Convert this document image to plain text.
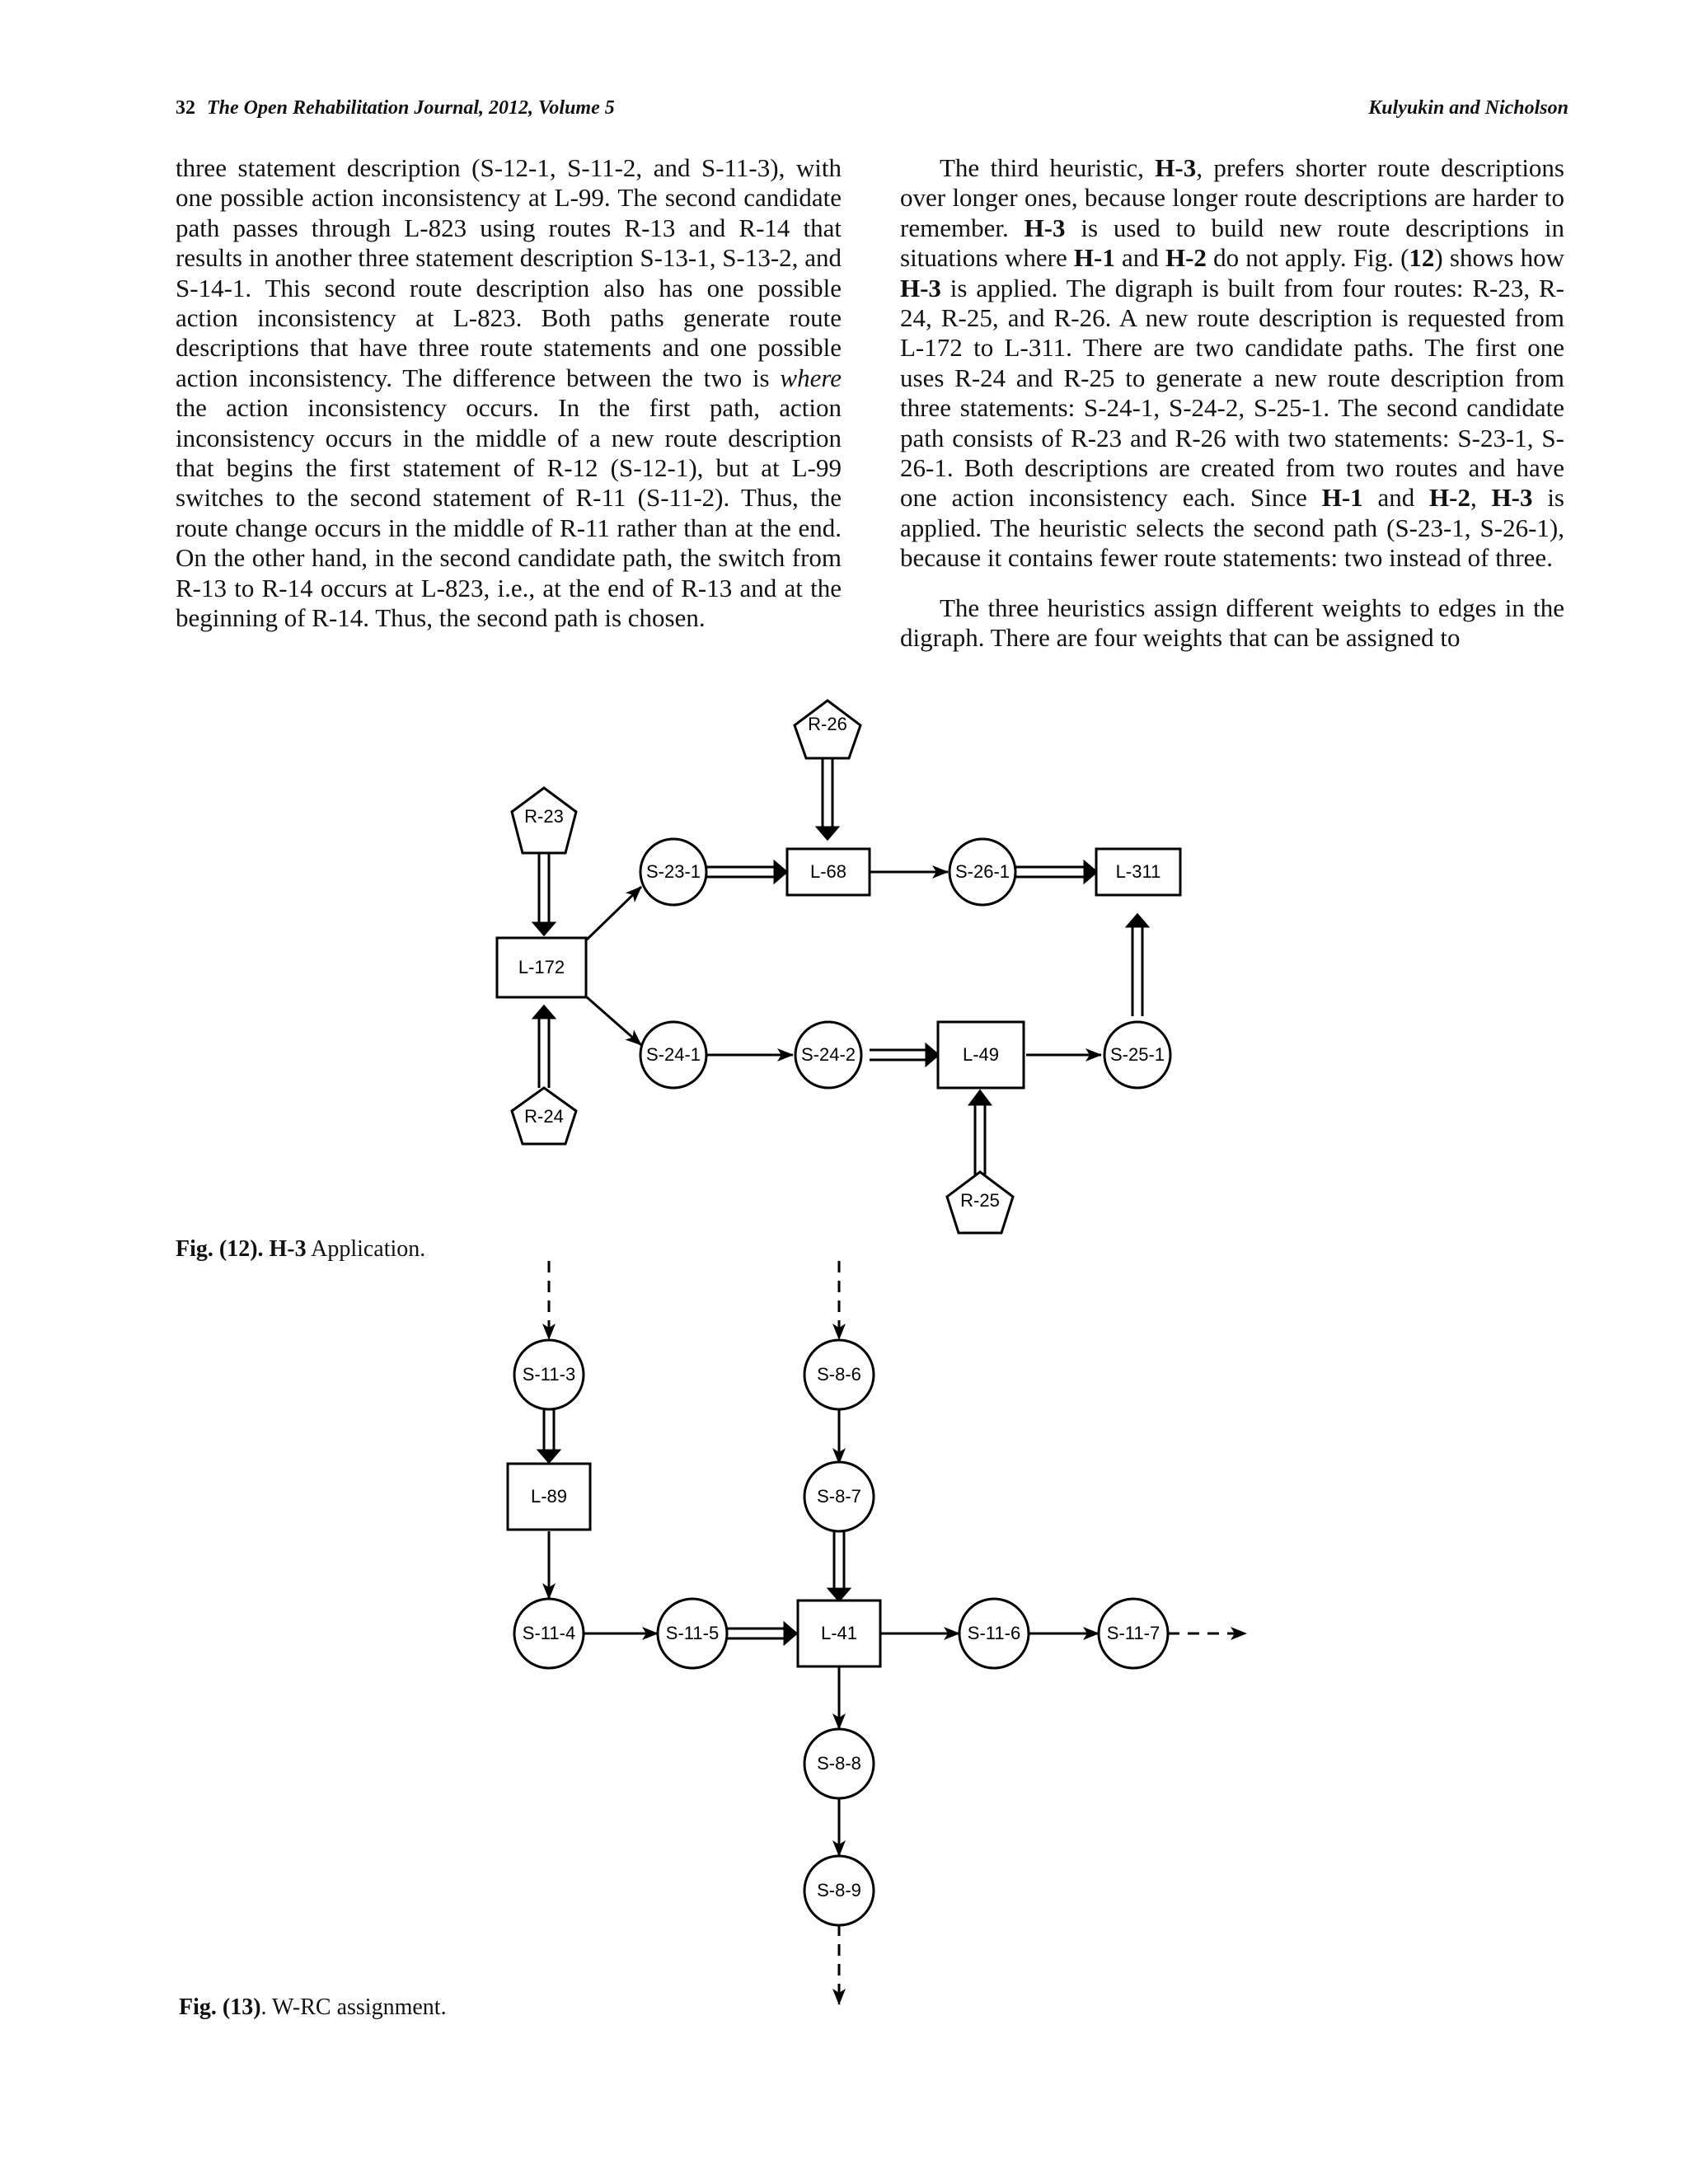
32 The Open Rehabilitation Journal, 2012, Volume 5	Kulyukin and Nicholson

three statement description (S-12-1, S-11-2, and S-11-3), with one possible action inconsistency at L-99. The second candidate path passes through L-823 using routes R-13 and R-14 that results in another three statement description S-13-1, S-13-2, and S-14-1. This second route description also has one possible action inconsistency at L-823. Both paths generate route descriptions that have three route statements and one possible action inconsistency. The difference between the two is where the action inconsistency occurs. In the first path, action inconsistency occurs in the middle of a new route description that begins the first statement of R-12 (S-12-1), but at L-99 switches to the second statement of R-11 (S-11-2). Thus, the route change occurs in the middle of R-11 rather than at the end. On the other hand, in the second candidate path, the switch from R-13 to R-14 occurs at L-823, i.e., at the end of R-13 and at the beginning of R-14. Thus, the second path is chosen.

The third heuristic, H-3, prefers shorter route descriptions over longer ones, because longer route descriptions are harder to remember. H-3 is used to build new route descriptions in situations where H-1 and H-2 do not apply. Fig. (12) shows how H-3 is applied. The digraph is built from four routes: R-23, R-24, R-25, and R-26. A new route description is requested from L-172 to L-311. There are two candidate paths. The first one uses R-24 and R-25 to generate a new route description from three statements: S-24-1, S-24-2, S-25-1. The second candidate path consists of R-23 and R-26 with two statements: S-23-1, S-26-1. Both descriptions are created from two routes and have one action inconsistency each. Since H-1 and H-2, H-3 is applied. The heuristic selects the second path (S-23-1, S-26-1), because it contains fewer route statements: two instead of three.

The three heuristics assign different weights to edges in the digraph. There are four weights that can be assigned to

R-26
R-23
R-24
R-25
S-23-1	L-68	S-26-1	L-311
L-172
S-24-1	S-24-2	L-49	S-25-1
S-11-3
L-89
S-11-4	S-11-5	L-41	S-11-6	S-11-7
S-8-6
S-8-7
S-8-8
S-8-9
Fig. (12). H-3 Application.
Fig. (13). W-RC assignment.
